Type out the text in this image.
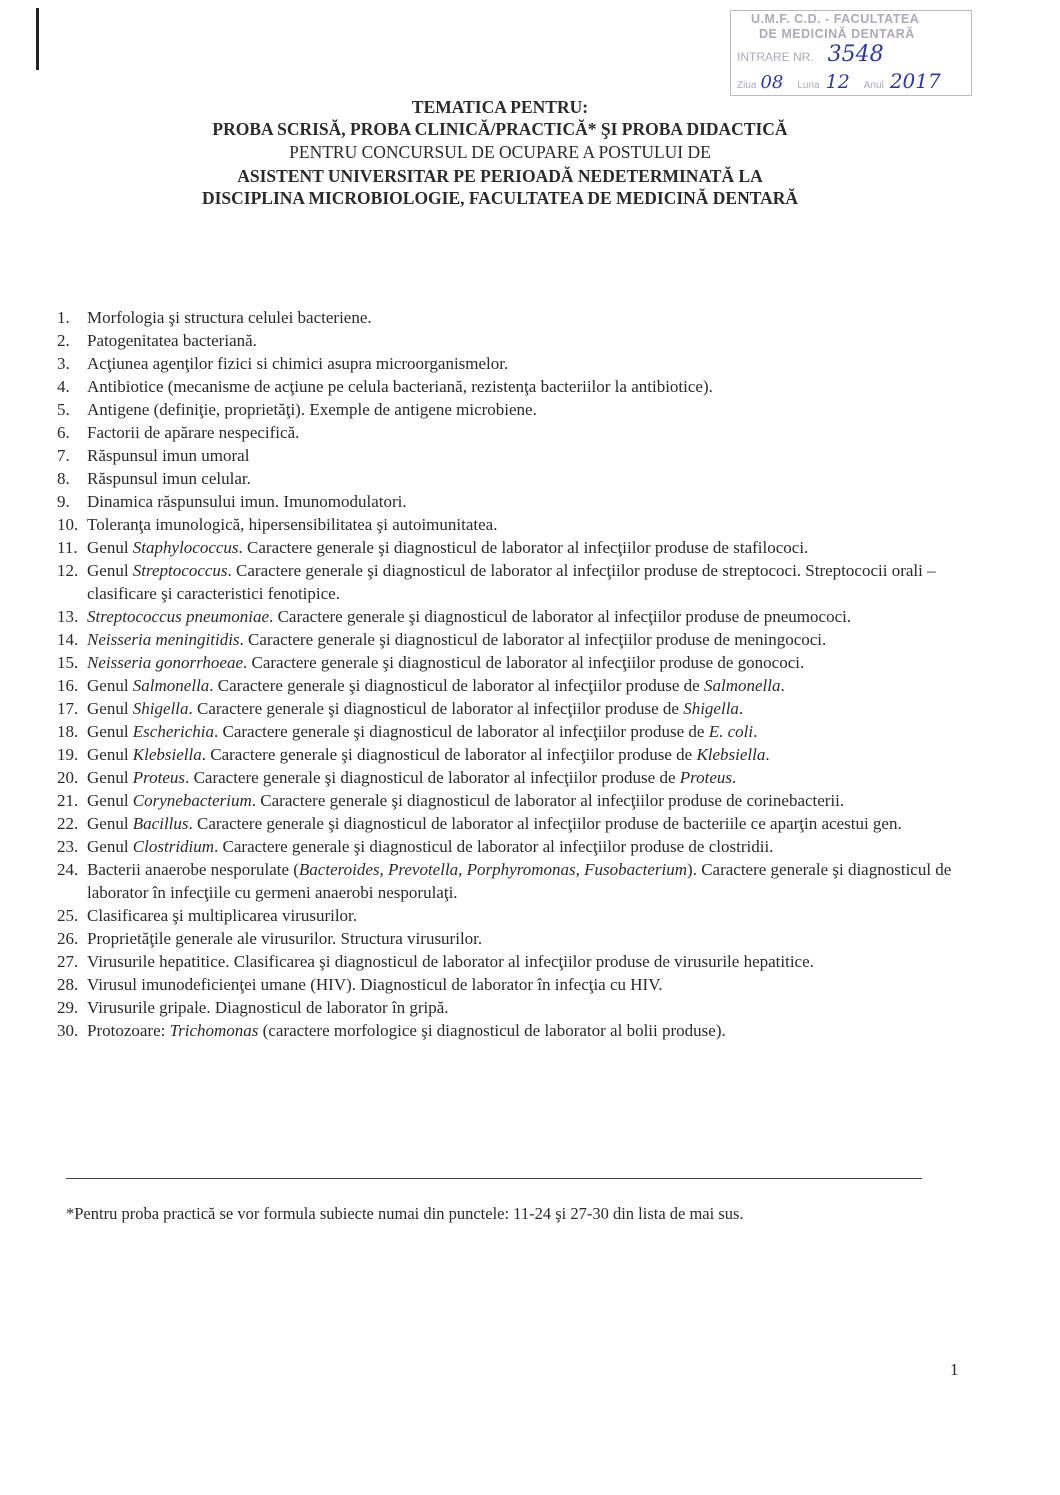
U.M.F. C.D. - FACULTATEA
DE MEDICINĂ DENTARĂ
INTRARE NR. 3548
Ziua 08 Luna 12 Anul 2017
TEMATICA PENTRU:
PROBA SCRISĂ, PROBA CLINICĂ/PRACTICĂ* ŞI PROBA DIDACTICĂ
PENTRU CONCURSUL DE OCUPARE A POSTULUI DE
ASISTENT UNIVERSITAR PE PERIOADĂ NEDETERMINATĂ LA
DISCIPLINA MICROBIOLOGIE, FACULTATEA DE MEDICINĂ DENTARĂ
1.	Morfologia şi structura celulei bacteriene.
2.	Patogenitatea bacteriană.
3.	Acţiunea agenţilor fizici si chimici asupra microorganismelor.
4.	Antibiotice (mecanisme de acţiune pe celula bacteriană, rezistenţa bacteriilor la antibiotice).
5.	Antigene (definiţie, proprietăţi). Exemple de antigene microbiene.
6.	Factorii de apărare nespecifică.
7.	Răspunsul imun umoral
8.	Răspunsul imun celular.
9.	Dinamica răspunsului imun. Imunomodulatori.
10. Toleranţa imunologică, hipersensibilitatea şi autoimunitatea.
11. Genul Staphylococcus. Caractere generale şi diagnosticul de laborator al infecţiilor produse de stafilococi.
12. Genul Streptococcus. Caractere generale şi diagnosticul de laborator al infecţiilor produse de streptococi. Streptococii orali – clasificare şi caracteristici fenotipice.
13. Streptococcus pneumoniae. Caractere generale şi diagnosticul de laborator al infecţiilor produse de pneumococi.
14. Neisseria meningitidis. Caractere generale şi diagnosticul de laborator al infecţiilor produse de meningococi.
15. Neisseria gonorrhoeae. Caractere generale şi diagnosticul de laborator al infecţiilor produse de gonococi.
16. Genul Salmonella. Caractere generale şi diagnosticul de laborator al infecţiilor produse de Salmonella.
17. Genul Shigella. Caractere generale şi diagnosticul de laborator al infecţiilor produse de Shigella.
18. Genul Escherichia. Caractere generale şi diagnosticul de laborator al infecţiilor produse de E. coli.
19. Genul Klebsiella. Caractere generale şi diagnosticul de laborator al infecţiilor produse de Klebsiella.
20. Genul Proteus. Caractere generale şi diagnosticul de laborator al infecţiilor produse de Proteus.
21. Genul Corynebacterium. Caractere generale şi diagnosticul de laborator al infecţiilor produse de corinebacterii.
22. Genul Bacillus. Caractere generale şi diagnosticul de laborator al infecţiilor produse de bacteriile ce aparţin acestui gen.
23. Genul Clostridium. Caractere generale şi diagnosticul de laborator al infecţiilor produse de clostridii.
24. Bacterii anaerobe nesporulate (Bacteroides, Prevotella, Porphyromonas, Fusobacterium). Caractere generale şi diagnosticul de laborator în infecţiile cu germeni anaerobi nesporulaţi.
25. Clasificarea şi multiplicarea virusurilor.
26. Proprietăţile generale ale virusurilor. Structura virusurilor.
27. Virusurile hepatitice. Clasificarea şi diagnosticul de laborator al infecţiilor produse de virusurile hepatitice.
28. Virusul imunodeficienţei umane (HIV). Diagnosticul de laborator în infecţia cu HIV.
29. Virusurile gripale. Diagnosticul de laborator în gripă.
30. Protozoare: Trichomonas (caractere morfologice şi diagnosticul de laborator al bolii produse).
*Pentru proba practică se vor formula subiecte numai din punctele: 11-24 şi 27-30 din lista de mai sus.
1
